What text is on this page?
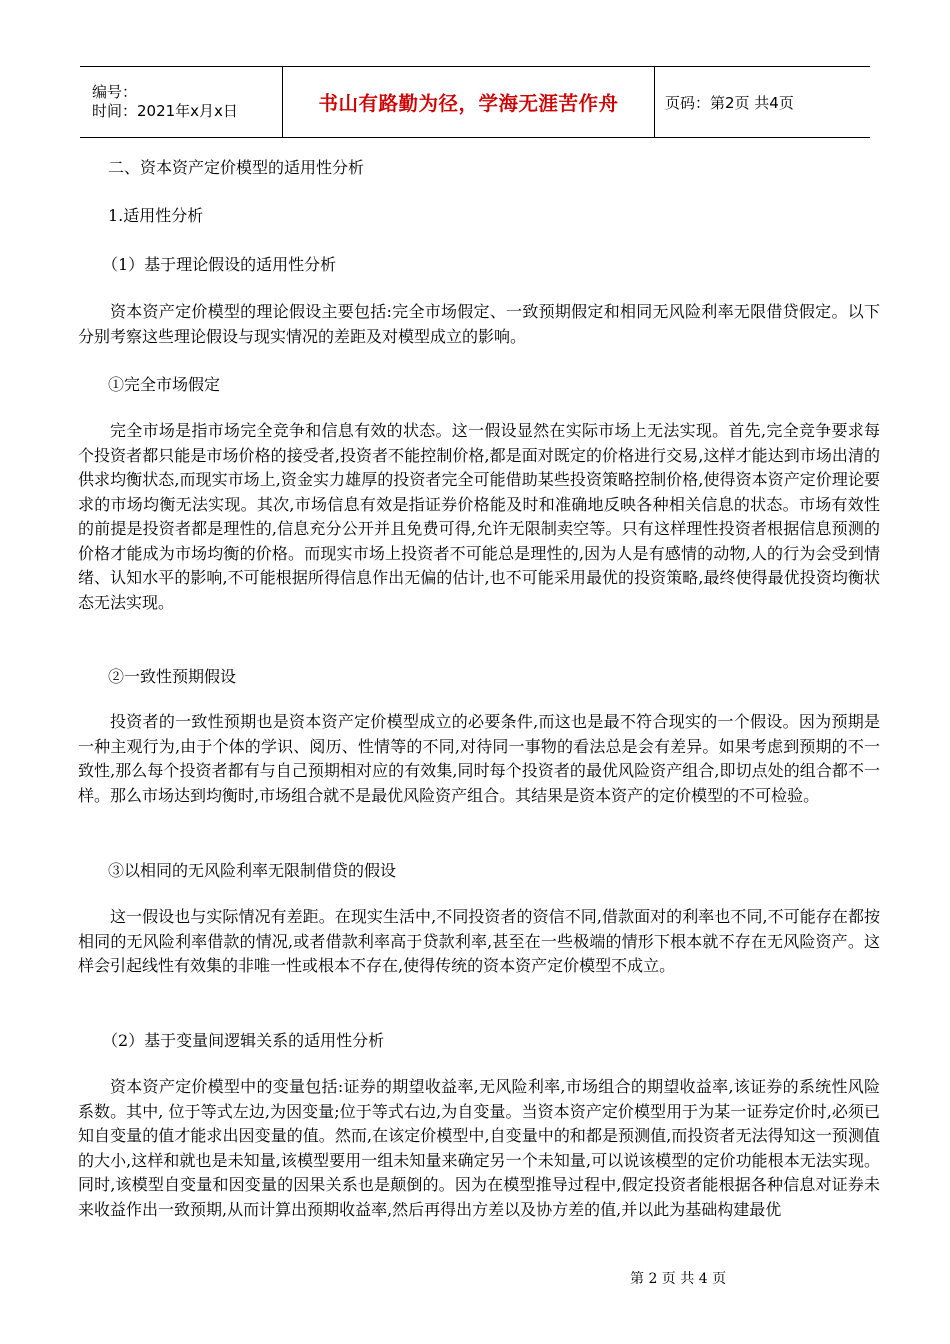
编号：
时间：2021年x月x日	书山有路勤为径，学海无涯苦作舟	页码：第2页 共4页
二、资本资产定价模型的适用性分析
1.适用性分析
（1）基于理论假设的适用性分析

资本资产定价模型的理论假设主要包括:完全市场假定、一致预期假定和相同无风险利率无限借贷假定。以下分别考察这些理论假设与现实情况的差距及对模型成立的影响。

①完全市场假定

完全市场是指市场完全竞争和信息有效的状态。这一假设显然在实际市场上无法实现。首先,完全竞争要求每个投资者都只能是市场价格的接受者,投资者不能控制价格,都是面对既定的价格进行交易,这样才能达到市场出清的供求均衡状态,而现实市场上,资金实力雄厚的投资者完全可能借助某些投资策略控制价格,使得资本资产定价理论要求的市场均衡无法实现。其次,市场信息有效是指证券价格能及时和准确地反映各种相关信息的状态。市场有效性的前提是投资者都是理性的,信息充分公开并且免费可得,允许无限制卖空等。只有这样理性投资者根据信息预测的价格才能成为市场均衡的价格。而现实市场上投资者不可能总是理性的,因为人是有感情的动物,人的行为会受到情绪、认知水平的影响,不可能根据所得信息作出无偏的估计,也不可能采用最优的投资策略,最终使得最优投资均衡状态无法实现。

②一致性预期假设

投资者的一致性预期也是资本资产定价模型成立的必要条件,而这也是最不符合现实的一个假设。因为预期是一种主观行为,由于个体的学识、阅历、性情等的不同,对待同一事物的看法总是会有差异。如果考虑到预期的不一致性,那么每个投资者都有与自己预期相对应的有效集,同时每个投资者的最优风险资产组合,即切点处的组合都不一样。那么市场达到均衡时,市场组合就不是最优风险资产组合。其结果是资本资产的定价模型的不可检验。

③以相同的无风险利率无限制借贷的假设

这一假设也与实际情况有差距。在现实生活中,不同投资者的资信不同,借款面对的利率也不同,不可能存在都按相同的无风险利率借款的情况,或者借款利率高于贷款利率,甚至在一些极端的情形下根本就不存在无风险资产。这样会引起线性有效集的非唯一性或根本不存在,使得传统的资本资产定价模型不成立。

（2）基于变量间逻辑关系的适用性分析

资本资产定价模型中的变量包括:证券的期望收益率,无风险利率,市场组合的期望收益率,该证券的系统性风险系数。其中, 位于等式左边,为因变量;位于等式右边,为自变量。当资本资产定价模型用于为某一证券定价时,必须已知自变量的值才能求出因变量的值。然而,在该定价模型中,自变量中的和都是预测值,而投资者无法得知这一预测值的大小,这样和就也是未知量,该模型要用一组未知量来确定另一个未知量,可以说该模型的定价功能根本无法实现。同时,该模型自变量和因变量的因果关系也是颠倒的。因为在模型推导过程中,假定投资者能根据各种信息对证券未来收益作出一致预期,从而计算出预期收益率,然后再得出方差以及协方差的值,并以此为基础构建最优

第 2 页 共 4 页
